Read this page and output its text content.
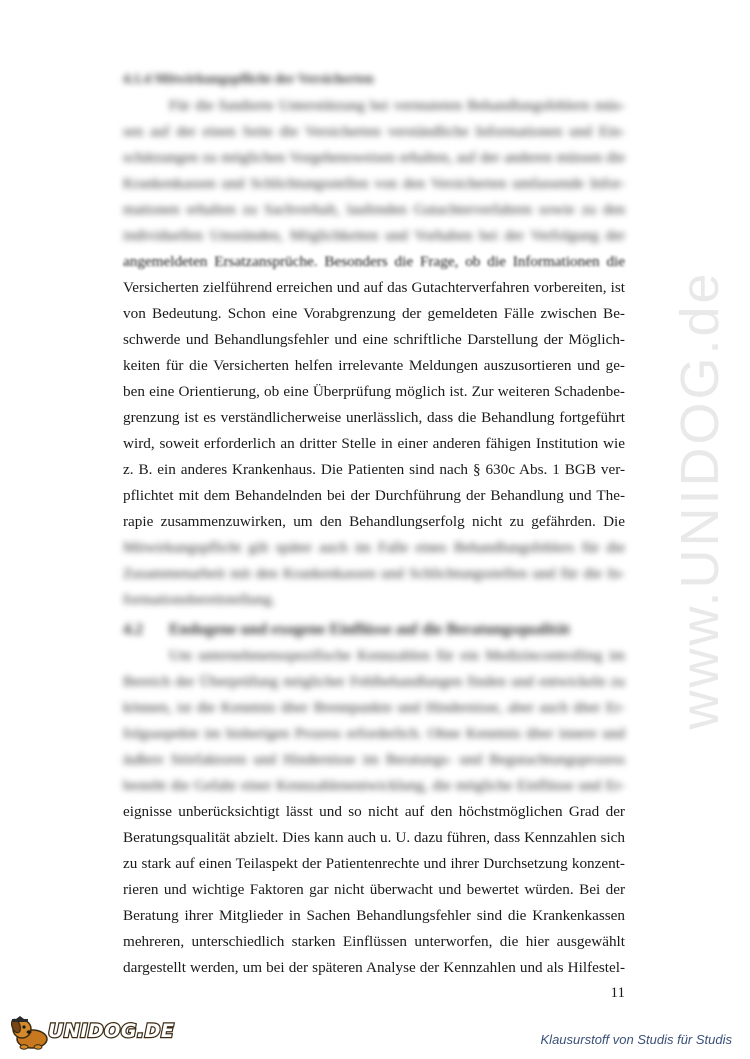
www.UNIDOG.de
4.1.4 Mitwirkungspflicht der Versicherten
Für die fundierte Unterstützung bei vermuteten Behandlungsfehlern müs-
sen auf der einen Seite die Versicherten verständliche Informationen und Ein-
schätzungen zu möglichen Vorgehensweisen erhalten, auf der anderen müssen die
Krankenkassen und Schlichtungsstellen von den Versicherten umfassende Infor-
mationen erhalten zu Sachverhalt, laufenden Gutachterverfahren sowie zu den
individuellen Umständen, Möglichkeiten und Vorhaben bei der Verfolgung der
angemeldeten Ersatzansprüche. Besonders die Frage, ob die Informationen die
Versicherten zielführend erreichen und auf das Gutachterverfahren vorbereiten, ist
von Bedeutung. Schon eine Vorabgrenzung der gemeldeten Fälle zwischen Be-
schwerde und Behandlungsfehler und eine schriftliche Darstellung der Möglich-
keiten für die Versicherten helfen irrelevante Meldungen auszusortieren und ge-
ben eine Orientierung, ob eine Überprüfung möglich ist. Zur weiteren Schadenbe-
grenzung ist es verständlicherweise unerlässlich, dass die Behandlung fortgeführt
wird, soweit erforderlich an dritter Stelle in einer anderen fähigen Institution wie
z. B. ein anderes Krankenhaus. Die Patienten sind nach § 630c Abs. 1 BGB ver-
pflichtet mit dem Behandelnden bei der Durchführung der Behandlung und The-
rapie zusammenzuwirken, um den Behandlungserfolg nicht zu gefährden. Die
Mitwirkungspflicht gilt später auch im Falle eines Behandlungsfehlers für die
Zusammenarbeit mit den Krankenkassen und Schlichtungsstellen und für die In-
formationsbereitstellung.
4.2 Endogene und exogene Einflüsse auf die Beratungsqualität
Um unternehmensspezifische Kennzahlen für ein Medizincontrolling im
Bereich der Überprüfung möglicher Fehlbehandlungen finden und entwickeln zu
können, ist die Kenntnis über Brennpunkte und Hindernisse, aber auch über Er-
folgsaspekte im bisherigen Prozess erforderlich. Ohne Kenntnis über innere und
äußere Störfaktoren und Hindernisse im Beratungs- und Begutachtungsprozess
besteht die Gefahr einer Kennzahlenentwicklung, die mögliche Einflüsse und Er-
eignisse unberücksichtigt lässt und so nicht auf den höchstmöglichen Grad der
Beratungsqualität abzielt. Dies kann auch u. U. dazu führen, dass Kennzahlen sich
zu stark auf einen Teilaspekt der Patientenrechte und ihrer Durchsetzung konzent-
rieren und wichtige Faktoren gar nicht überwacht und bewertet würden. Bei der
Beratung ihrer Mitglieder in Sachen Behandlungsfehler sind die Krankenkassen
mehreren, unterschiedlich starken Einflüssen unterworfen, die hier ausgewählt
dargestellt werden, um bei der späteren Analyse der Kennzahlen und als Hilfestel-
11
UNIDOG.DE	Klausurstoff von Studis für Studis
